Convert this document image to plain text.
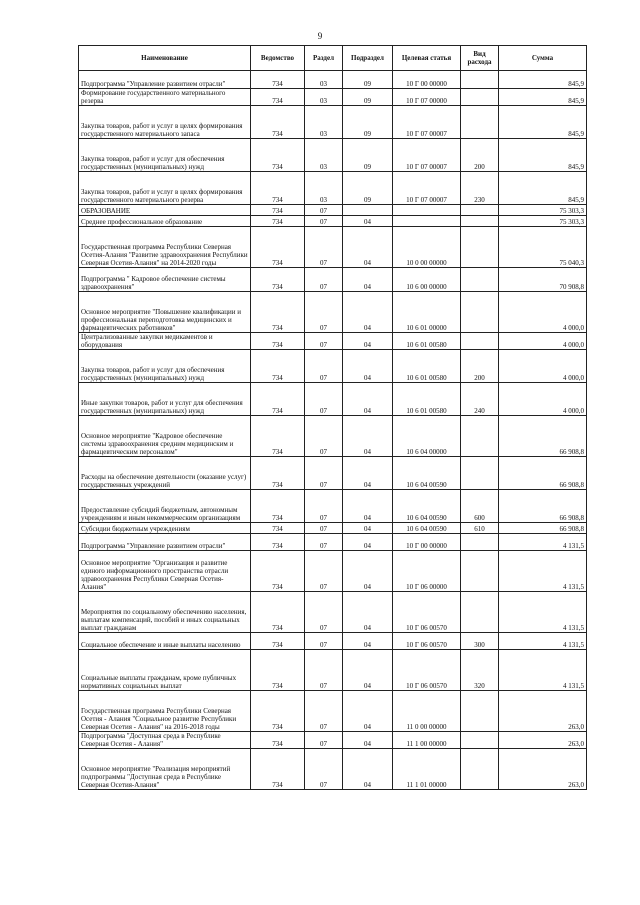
9
Наименование	Ведомство	Раздел	Подраздел	Целевая статья	Вид расхода	Сумма
Подпрограмма "Управление развитием отрасли"	734	03	09	10 Г 00 00000		845,9
Формирование государственного материального резерва	734	03	09	10 Г 07 00000		845,9
Закупка товаров, работ и услуг в целях формирования государственного материального запаса	734	03	09	10 Г 07 00007		845,9
Закупка товаров, работ и услуг для обеспечения государственных (муниципальных) нужд	734	03	09	10 Г 07 00007	200	845,9
Закупка товаров, работ и услуг в целях формирования государственного материального резерва	734	03	09	10 Г 07 00007	230	845,9
ОБРАЗОВАНИЕ	734	07				75 303,3
Среднее профессиональное образование	734	07	04			75 303,3
Государственная программа Республики Северная Осетия-Алания "Развитие здравоохранения Республики Северная Осетия-Алания" на 2014-2020 годы	734	07	04	10 0 00 00000		75 040,3
Подпрограмма " Кадровое обеспечение системы здравоохранения"	734	07	04	10 6 00 00000		70 908,8
Основное мероприятие "Повышение квалификации и профессиональная переподготовка медицинских и фармацевтических работников"	734	07	04	10 6 01 00000		4 000,0
Централизованные закупки медикаментов и оборудования	734	07	04	10 6 01 00580		4 000,0
Закупка товаров, работ и услуг для обеспечения государственных (муниципальных) нужд	734	07	04	10 6 01 00580	200	4 000,0
Иные закупки товаров, работ и услуг для обеспечения государственных (муниципальных) нужд	734	07	04	10 6 01 00580	240	4 000,0
Основное мероприятие "Кадровое обеспечение системы здравоохранения средним медицинским и фармацевтическим персоналом"	734	07	04	10 6 04 00000		66 908,8
Расходы на обеспечение деятельности (оказание услуг) государственных учреждений	734	07	04	10 6 04 00590		66 908,8
Предоставление субсидий бюджетным, автономным учреждениям и иным некоммерческим организациям	734	07	04	10 6 04 00590	600	66 908,8
Субсидии бюджетным учреждениям	734	07	04	10 6 04 00590	610	66 908,8
Подпрограмма "Управление развитием отрасли"	734	07	04	10 Г 00 00000		4 131,5
Основное мероприятие "Организация и развитие единого информационного пространства отрасли здравоохранения Республики Северная Осетия-Алания"	734	07	04	10 Г 06 00000		4 131,5
Мероприятия по социальному обеспечению населения, выплатам компенсаций, пособий и иных социальных выплат гражданам	734	07	04	10 Г 06 00570		4 131,5
Социальное обеспечение и иные выплаты населению	734	07	04	10 Г 06 00570	300	4 131,5
Социальные выплаты гражданам, кроме публичных нормативных социальных выплат	734	07	04	10 Г 06 00570	320	4 131,5
Государственная программа Республики Северная Осетия - Алания "Социальное развитие Республики Северная Осетия - Алания" на 2016-2018 годы	734	07	04	11 0 00 00000		263,0
Подпрограмма "Доступная среда в Республике Северная Осетия - Алания"	734	07	04	11 1 00 00000		263,0
Основное мероприятие "Реализация мероприятий подпрограммы "Доступная среда в Республике Северная Осетия-Алания"	734	07	04	11 1 01 00000		263,0
